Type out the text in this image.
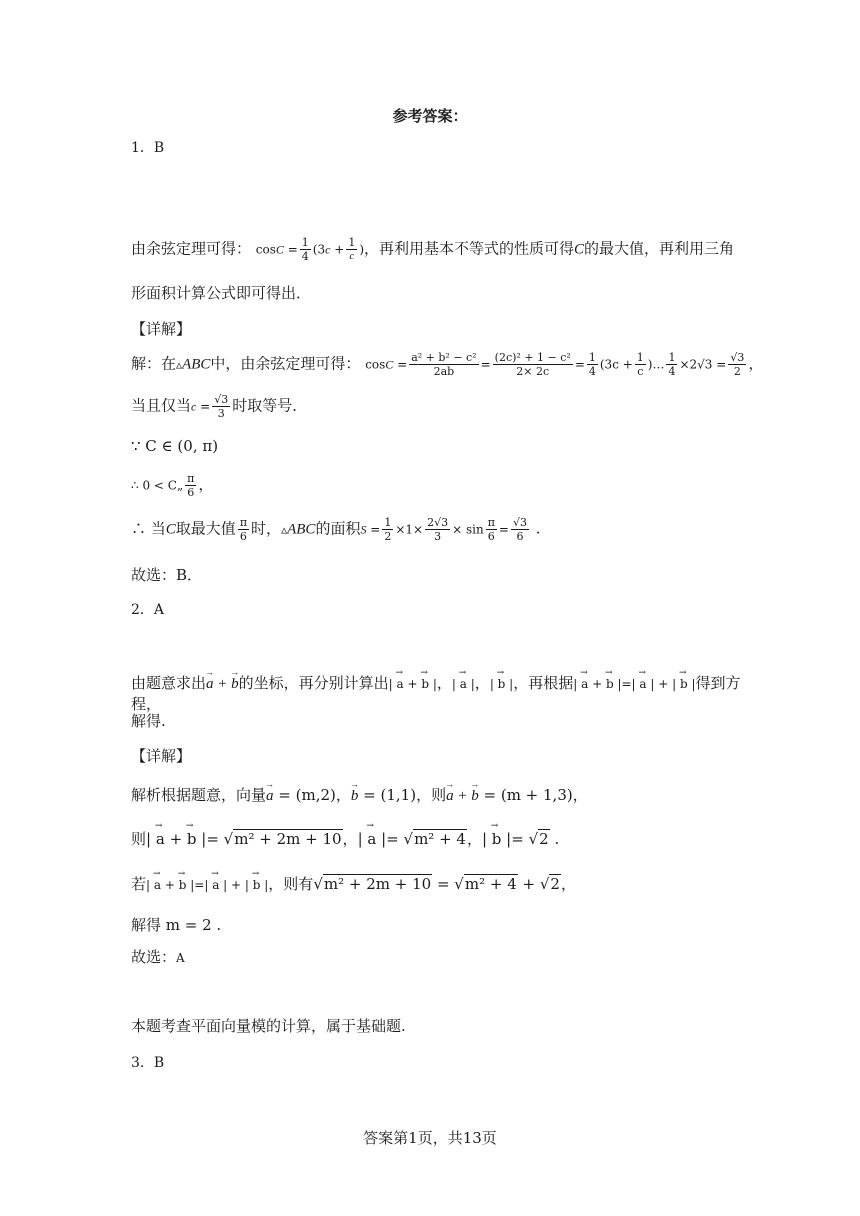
参考答案：
1．B
由余弦定理可得： $\cos C = \frac{1}{4} (3c + \frac{1}{c}$ )，再利用基本不等式的性质可得C的最大值，再利用三角
形面积计算公式即可得出．
【详解】
解：在▵ABC中，由余弦定理可得： $\cos C = \frac{\text{a² + b² − c²}}{2ab} = \frac{\text{(2c)² + 1 − c²}}{2\times 2c} = \frac{1}{4} (3c + \frac{1}{c}$ )… $\frac{1}{4} \times 2√3 = \frac{√3}{2}$ ，
当且仅当$c = \frac{√3}{3}$ 时取等号．
∵ C ∈ (0, π)
∴ 0 < C„ $\frac{\pi}{6}$ ，
∴ 当C取最大值 $\frac{\pi}{6}$ 时，▵ABC的面积$S = \frac{1}{2} \times 1\times \frac{2√3}{3} \times \sin \frac{\pi}{6} = \frac{√3}{6}$ .
故选：B．
2．A
由题意求出→ a + → b的坐标，再分别计算出| → a + → b |，| → a |，| → b |，再根据| → a + → b |=| → a | + | → b |得到方程，
解得.
【详解】
解析根据题意，向量→ a = (m,2)，→ b = (1,1)，则→ a + → b = (m + 1,3)，
则| → a + → b |= √m² + 2m + 10，| → a |= √m² + 4，| → b |= √2 .
若| → a + → b |=| → a | + | → b |，则有√m² + 2m + 10 = √m² + 4 + √2，
解得 m = 2 .
故选：A
本题考查平面向量模的计算，属于基础题.
3．B
答案第1页，共13页
